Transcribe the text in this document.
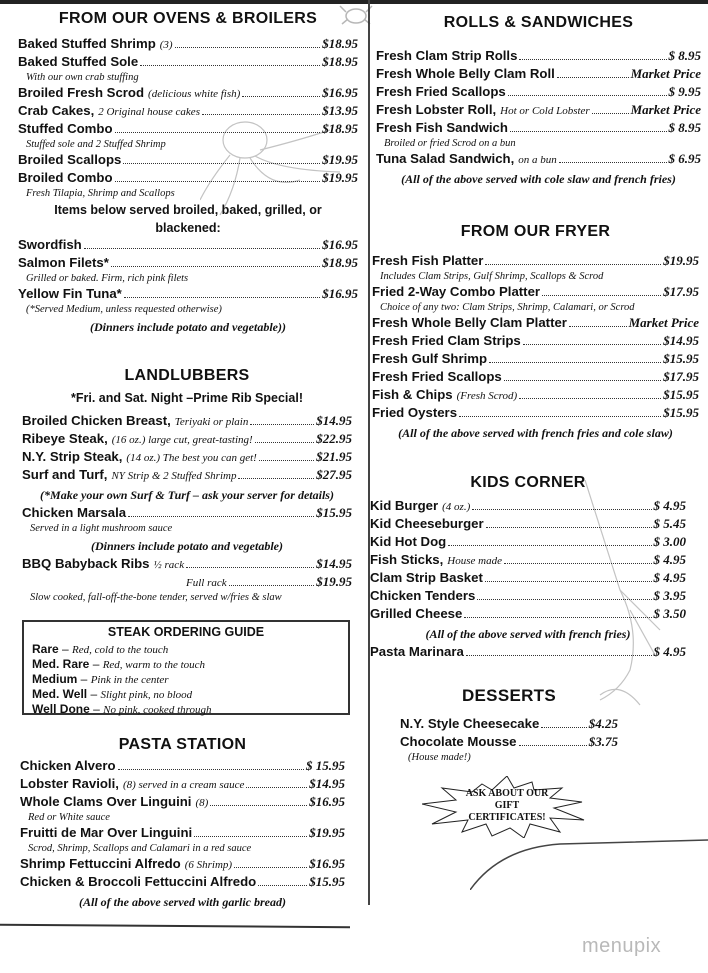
FROM OUR OVENS & BROILERS
Baked Stuffed Shrimp (3)	$18.95
Baked Stuffed Sole	$18.95
With our own crab stuffing
Broiled Fresh Scrod (delicious white fish)	$16.95
Crab Cakes, 2 Original house cakes	$13.95
Stuffed Combo	$18.95
Stuffed sole and 2 Stuffed Shrimp
Broiled Scallops	$19.95
Broiled Combo	$19.95
Fresh Tilapia, Shrimp and Scallops
Items below served broiled, baked, grilled, or
blackened:
Swordfish	$16.95
Salmon Filets*	$18.95
Grilled or baked. Firm, rich pink filets
Yellow Fin Tuna*	$16.95
(*Served Medium, unless requested otherwise)
(Dinners include potato and vegetable))
LANDLUBBERS
*Fri. and Sat. Night –Prime Rib Special!
Broiled Chicken Breast, Teriyaki or plain	$14.95
Ribeye Steak, (16 oz.) large cut, great-tasting!	$22.95
N.Y. Strip Steak, (14 oz.) The best you can get!	$21.95
Surf and Turf, NY Strip & 2 Stuffed Shrimp	$27.95
(*Make your own Surf & Turf – ask your server for details)
Chicken Marsala	$15.95
Served in a light mushroom sauce
(Dinners include potato and vegetable)
BBQ Babyback Ribs ½ rack	$14.95
Full rack	$19.95
Slow cooked, fall-off-the-bone tender, served w/fries & slaw
STEAK ORDERING GUIDE
Rare – Red, cold to the touch
Med. Rare – Red, warm to the touch
Medium – Pink in the center
Med. Well – Slight pink, no blood
Well Done – No pink, cooked through
PASTA STATION
Chicken Alvero	$ 15.95
Lobster Ravioli, (8) served in a cream sauce	$14.95
Whole Clams Over Linguini (8)	$16.95
Red or White sauce
Fruitti de Mar Over Linguini	$19.95
Scrod, Shrimp, Scallops and Calamari in a red sauce
Shrimp Fettuccini Alfredo (6 Shrimp)	$16.95
Chicken & Broccoli Fettuccini Alfredo	$15.95
(All of the above served with garlic bread)
ROLLS & SANDWICHES
Fresh Clam Strip Rolls	$ 8.95
Fresh Whole Belly Clam Roll	Market Price
Fresh Fried Scallops	$ 9.95
Fresh Lobster Roll, Hot or Cold Lobster	Market Price
Fresh Fish Sandwich	$ 8.95
Broiled or fried Scrod on a bun
Tuna Salad Sandwich, on a bun	$ 6.95
(All of the above served with cole slaw and french fries)
FROM OUR FRYER
Fresh Fish Platter	$19.95
Includes Clam Strips, Gulf Shrimp, Scallops & Scrod
Fried 2-Way Combo Platter	$17.95
Choice of any two: Clam Strips, Shrimp, Calamari, or Scrod
Fresh Whole Belly Clam Platter	Market Price
Fresh Fried Clam Strips	$14.95
Fresh Gulf Shrimp	$15.95
Fresh Fried Scallops	$17.95
Fish & Chips (Fresh Scrod)	$15.95
Fried Oysters	$15.95
(All of the above served with french fries and cole slaw)
KIDS CORNER
Kid Burger (4 oz.)	$ 4.95
Kid Cheeseburger	$ 5.45
Kid Hot Dog	$ 3.00
Fish Sticks, House made	$ 4.95
Clam Strip Basket	$ 4.95
Chicken Tenders	$ 3.95
Grilled Cheese	$ 3.50
(All of the above served with french fries)
Pasta Marinara	$ 4.95
DESSERTS
N.Y. Style Cheesecake	$4.25
Chocolate Mousse	$3.75
(House made!)
ASK ABOUT OUR
GIFT
CERTIFICATES!
menupix
